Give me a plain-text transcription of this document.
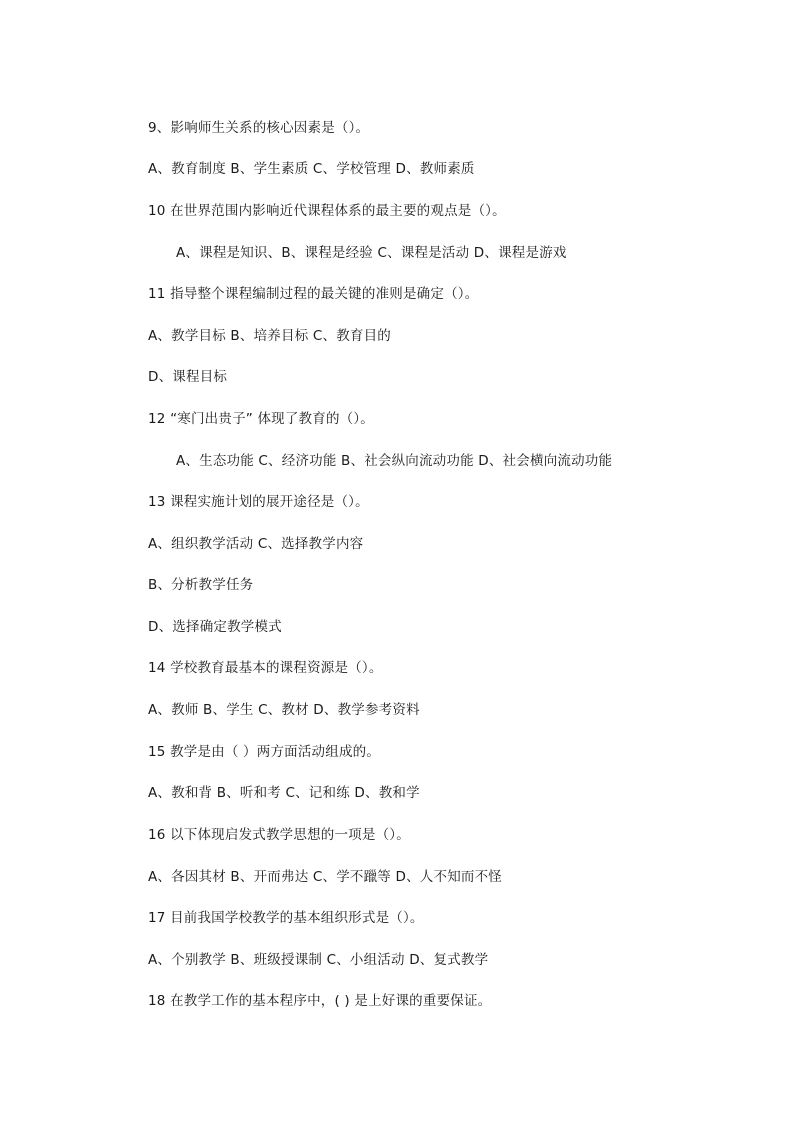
9、影响师生关系的核心因素是（）。
A、教育制度 B、学生素质 C、学校管理 D、教师素质
10 在世界范围内影响近代课程体系的最主要的观点是（）。
A、课程是知识、B、课程是经验 C、课程是活动 D、课程是游戏
11 指导整个课程编制过程的最关键的准则是确定（）。
A、教学目标 B、培养目标 C、教育目的
D、课程目标
12 “寒门出贵子” 体现了教育的（）。
A、生态功能 C、经济功能 B、社会纵向流动功能 D、社会横向流动功能
13 课程实施计划的展开途径是（）。
A、组织教学活动 C、选择教学内容
B、分析教学任务
D、选择确定教学模式
14 学校教育最基本的课程资源是（）。
A、教师 B、学生 C、教材 D、教学参考资料
15 教学是由（ ）两方面活动组成的。
A、教和背 B、听和考 C、记和练 D、教和学
16 以下体现启发式教学思想的一项是（）。
A、各因其材 B、开而弗达 C、学不躐等 D、人不知而不怪
17 目前我国学校教学的基本组织形式是（）。
A、个别教学 B、班级授课制 C、小组活动 D、复式教学
18 在教学工作的基本程序中，( ) 是上好课的重要保证。
